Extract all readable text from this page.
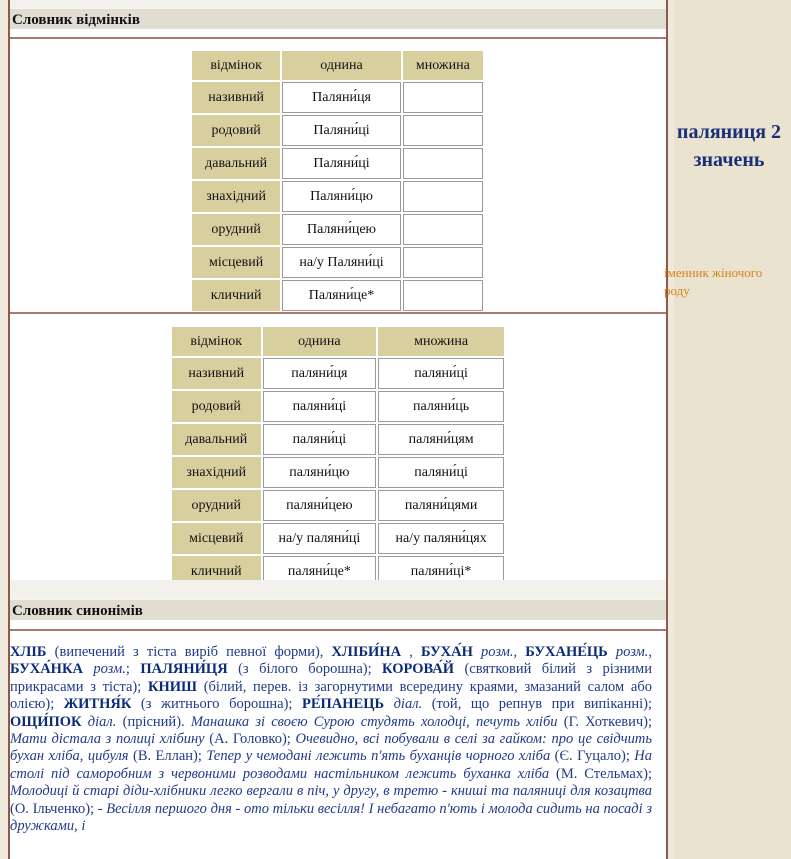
Словник відмінків
відмінок	однина	множина
називний	Паляни́ця	
родовий	Паляни́ці	
давальний	Паляни́ці	
знахідний	Паляни́цю	
орудний	Паляни́цею	
місцевий	на/у Паляни́ці	
кличний	Паляни́це*	
відмінок	однина	множина
називний	паляни́ця	паляни́ці
родовий	паляни́ці	паляни́ць
давальний	паляни́ці	паляни́цям
знахідний	паляни́цю	паляни́ці
орудний	паляни́цею	паляни́цями
місцевий	на/у паляни́ці	на/у паляни́цях
кличний	паляни́це*	паляни́ці*
Словник синонімів
ХЛІБ (випечений з тіста виріб певної форми), ХЛІБИ́НА , БУХА́Н розм., БУХАНЕ́ЦЬ розм., БУХА́НКА розм.; ПАЛЯНИ́ЦЯ (з білого борошна); КОРОВА́Й (святковий білий з різними прикрасами з тіста); КНИШ (білий, перев. із загорнутими всередину краями, змазаний салом або олією); ЖИТНЯ́К (з житнього борошна); РЕ́ПАНЕЦЬ діал. (той, що репнув при випіканні); ОЩИ́ПОК діал. (прісний). Манашка зі своєю Сурою студять холодці, печуть хліби (Г. Хоткевич); Мати дістала з полиці хлібину (А. Головко); Очевидно, всі побували в селі за гайком: про це свідчить бухан хліба, цибуля (В. Еллан); Тепер у чемодані лежить п'ять буханців чорного хліба (Є. Гуцало); На столі під саморобним з червоними розводами настільником лежить буханка хліба (М. Стельмах); Молодиці й старі діди-хлібники легко вергали в піч, у другу, в третю - книші та паляниці для козацтва (О. Ільченко); - Весілля першого дня - ото тільки весілля! І небагато п'ють і молода сидить на посаді з дружками, і
паляниця 2 значень
іменник жіночого роду
